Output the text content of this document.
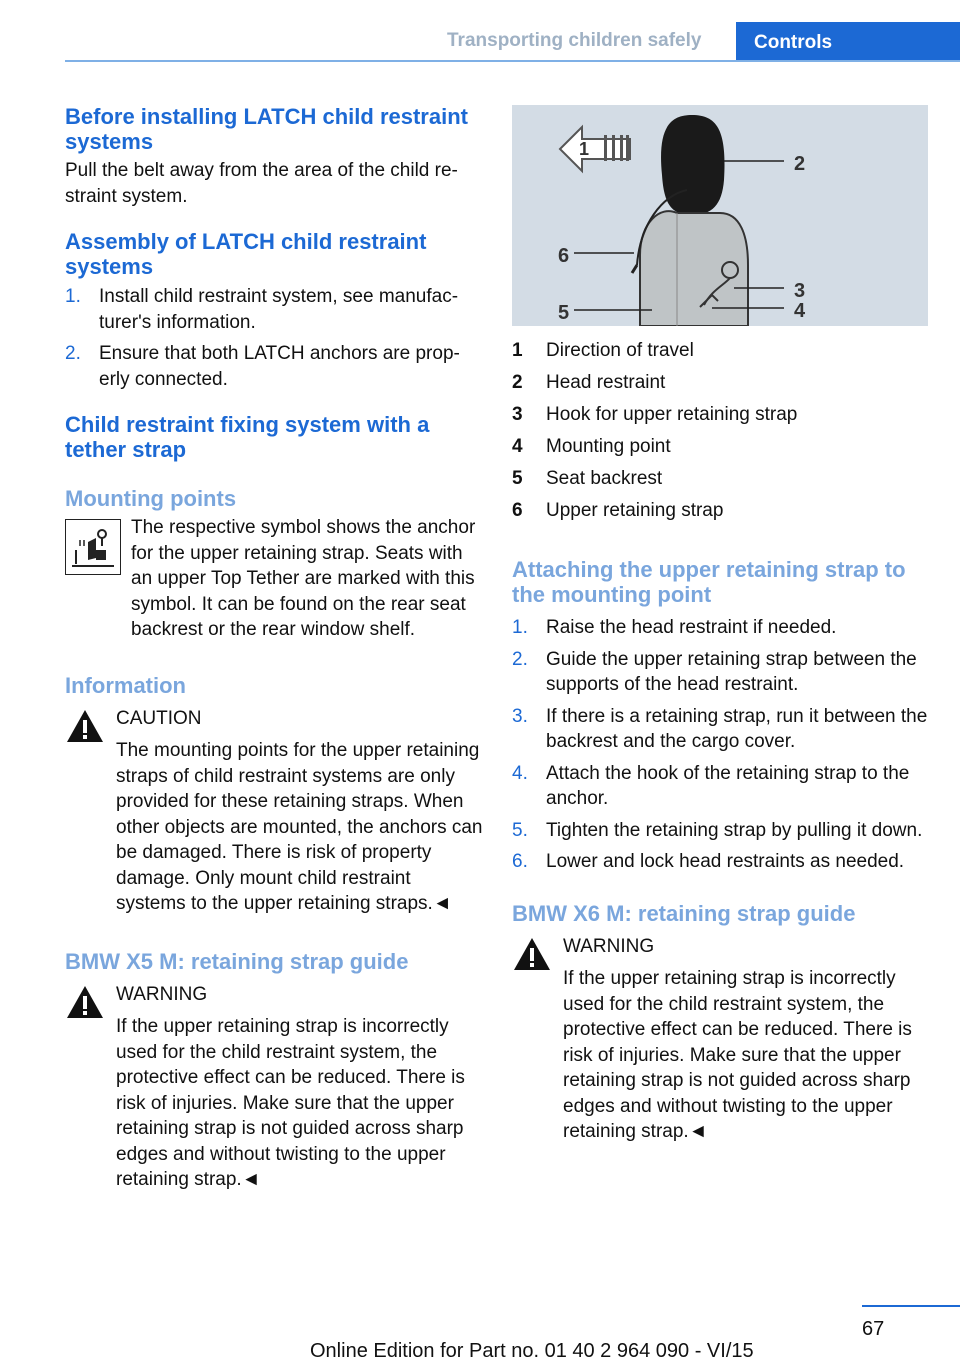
Transporting children safely	Controls
Before installing LATCH child restraint systems

Pull the belt away from the area of the child restraint system.

Assembly of LATCH child restraint systems
1. Install child restraint system, see manufacturer's information.
2. Ensure that both LATCH anchors are properly connected.
Child restraint fixing system with a tether strap
Mounting points

The respective symbol shows the anchor for the upper retaining strap. Seats with an upper Top Tether are marked with this symbol. It can be found on the rear seat backrest or the rear window shelf.

Information

CAUTION

The mounting points for the upper retaining straps of child restraint systems are only provided for these retaining straps. When other objects are mounted, the anchors can be damaged. There is risk of property damage. Only mount child restraint systems to the upper retaining straps.◄

BMW X5 M: retaining strap guide

WARNING

If the upper retaining strap is incorrectly used for the child restraint system, the protective effect can be reduced. There is risk of injuries. Make sure that the upper retaining strap is not guided across sharp edges and without twisting to the upper retaining strap.◄

1
2
3
4
5
6
1 Direction of travel
2 Head restraint
3 Hook for upper retaining strap
4 Mounting point
5 Seat backrest
6 Upper retaining strap
Attaching the upper retaining strap to the mounting point
1. Raise the head restraint if needed.
2. Guide the upper retaining strap between the supports of the head restraint.
3. If there is a retaining strap, run it between the backrest and the cargo cover.
4. Attach the hook of the retaining strap to the anchor.
5. Tighten the retaining strap by pulling it down.
6. Lower and lock head restraints as needed.
BMW X6 M: retaining strap guide

WARNING

If the upper retaining strap is incorrectly used for the child restraint system, the protective effect can be reduced. There is risk of injuries. Make sure that the upper retaining strap is not guided across sharp edges and without twisting to the upper retaining strap.◄

67
Online Edition for Part no. 01 40 2 964 090 - VI/15
